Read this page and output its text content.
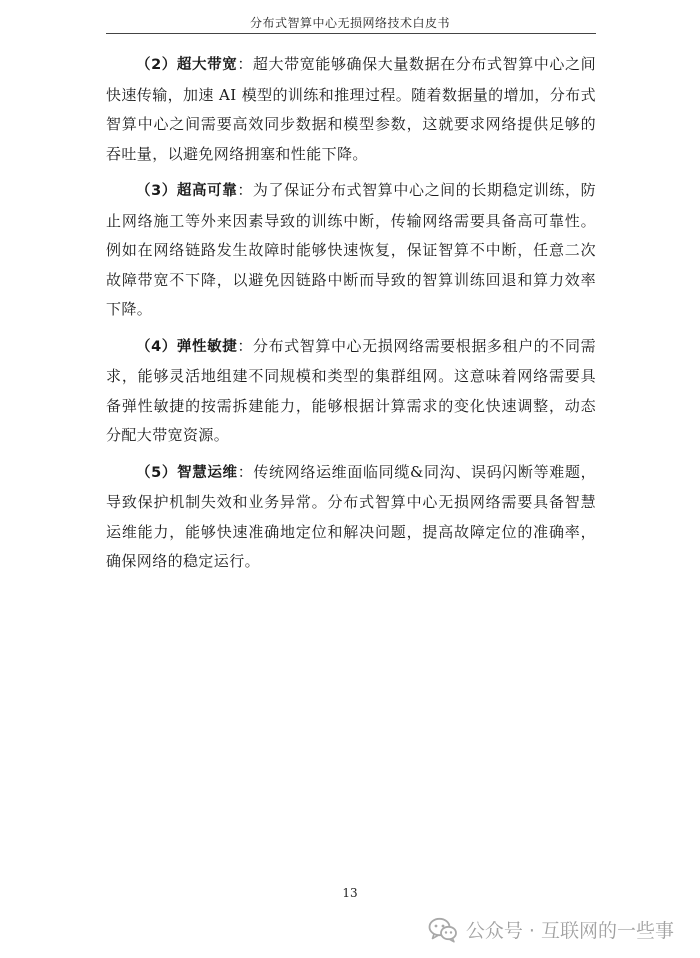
分布式智算中心无损网络技术白皮书

（2）超大带宽：超大带宽能够确保大量数据在分布式智算中心之间快速传输，加速 AI 模型的训练和推理过程。随着数据量的增加，分布式智算中心之间需要高效同步数据和模型参数，这就要求网络提供足够的吞吐量，以避免网络拥塞和性能下降。

（3）超高可靠：为了保证分布式智算中心之间的长期稳定训练，防止网络施工等外来因素导致的训练中断，传输网络需要具备高可靠性。例如在网络链路发生故障时能够快速恢复，保证智算不中断，任意二次故障带宽不下降，以避免因链路中断而导致的智算训练回退和算力效率下降。

（4）弹性敏捷：分布式智算中心无损网络需要根据多租户的不同需求，能够灵活地组建不同规模和类型的集群组网。这意味着网络需要具备弹性敏捷的按需拆建能力，能够根据计算需求的变化快速调整，动态分配大带宽资源。

（5）智慧运维：传统网络运维面临同缆&同沟、误码闪断等难题，导致保护机制失效和业务异常。分布式智算中心无损网络需要具备智慧运维能力，能够快速准确地定位和解决问题，提高故障定位的准确率，确保网络的稳定运行。

13
公众号 · 互联网的一些事
